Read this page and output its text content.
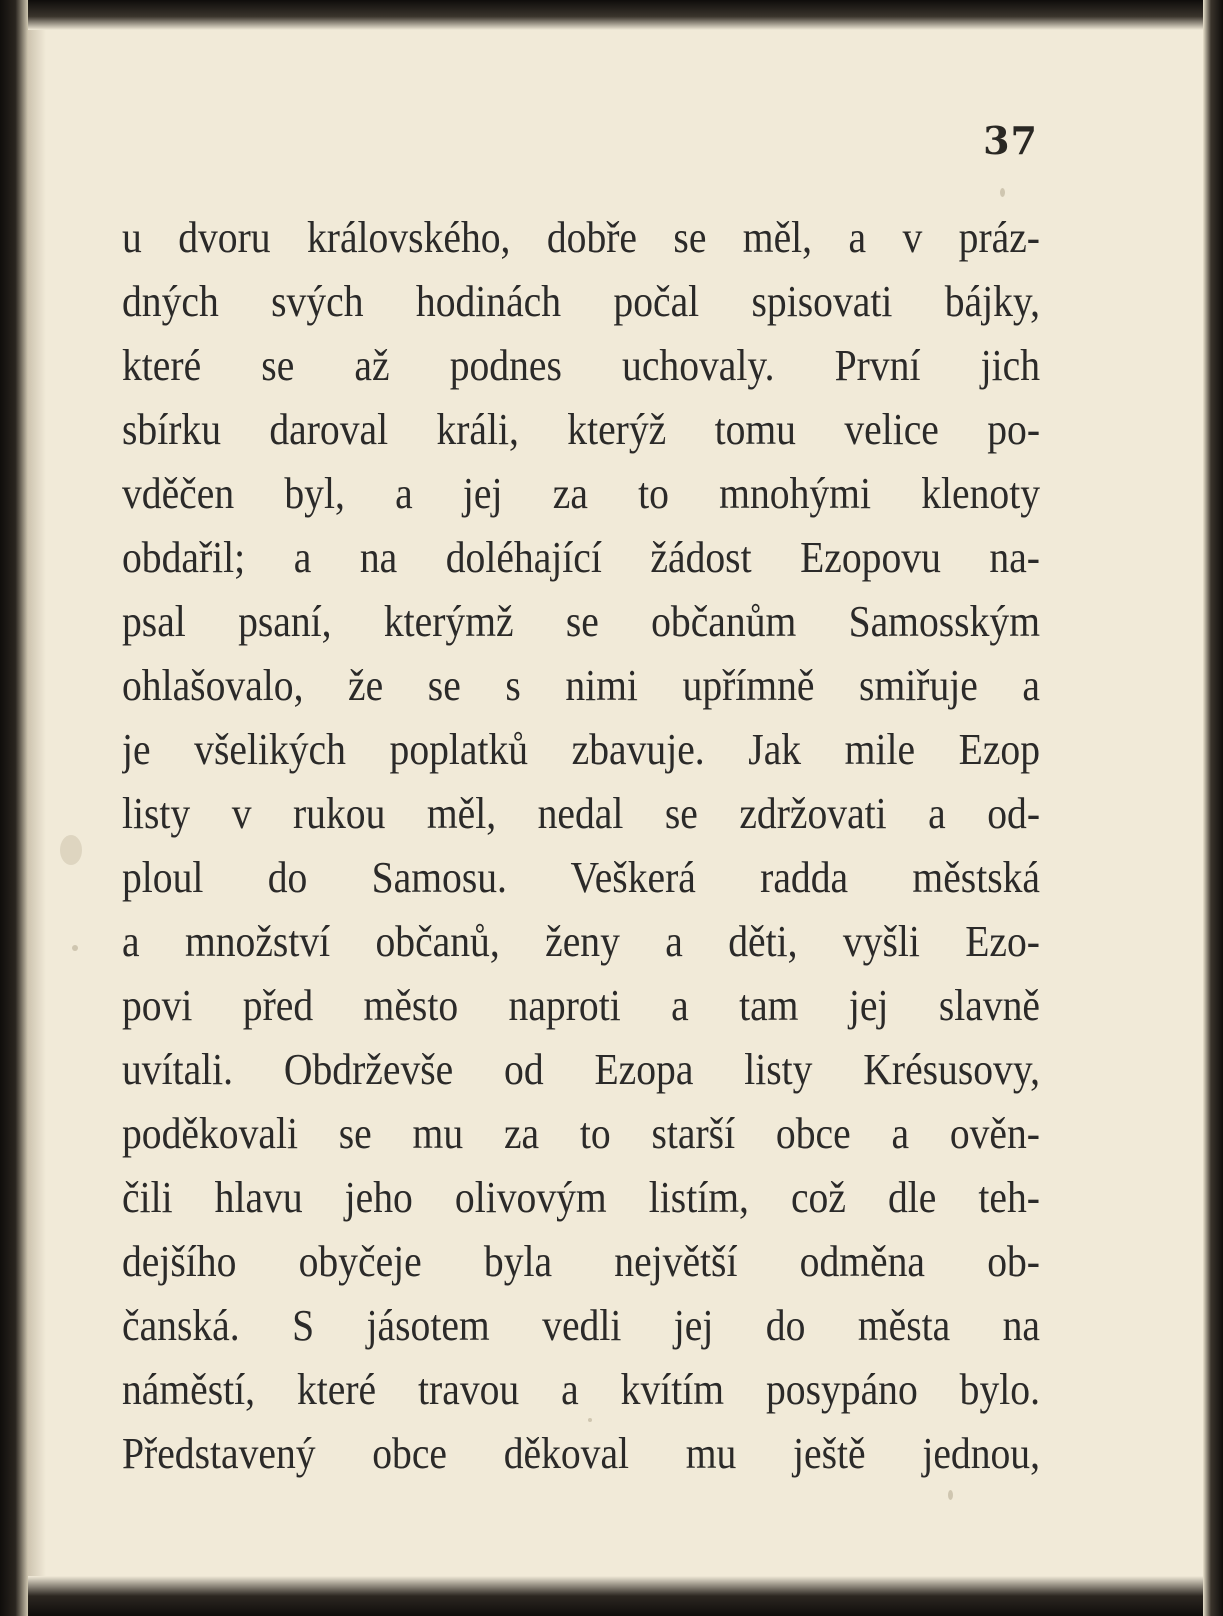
37
u dvoru královského, dobře se měl, a v práz-
dných svých hodinách počal spisovati bájky,
které se až podnes uchovaly. První jich
sbírku daroval králi, kterýž tomu velice po-
vděčen byl, a jej za to mnohými klenoty
obdařil; a na doléhající žádost Ezopovu na-
psal psaní, kterýmž se občanům Samosským
ohlašovalo, že se s nimi upřímně smiřuje a
je všelikých poplatků zbavuje. Jak mile Ezop
listy v rukou měl, nedal se zdržovati a od-
ploul do Samosu. Veškerá radda městská
a množství občanů, ženy a děti, vyšli Ezo-
povi před město naproti a tam jej slavně
uvítali. Obdrževše od Ezopa listy Krésusovy,
poděkovali se mu za to starší obce a ověn-
čili hlavu jeho olivovým listím, což dle teh-
dejšího obyčeje byla největší odměna ob-
čanská. S jásotem vedli jej do města na
náměstí, které travou a kvítím posypáno bylo.
Představený obce děkoval mu ještě jednou,
